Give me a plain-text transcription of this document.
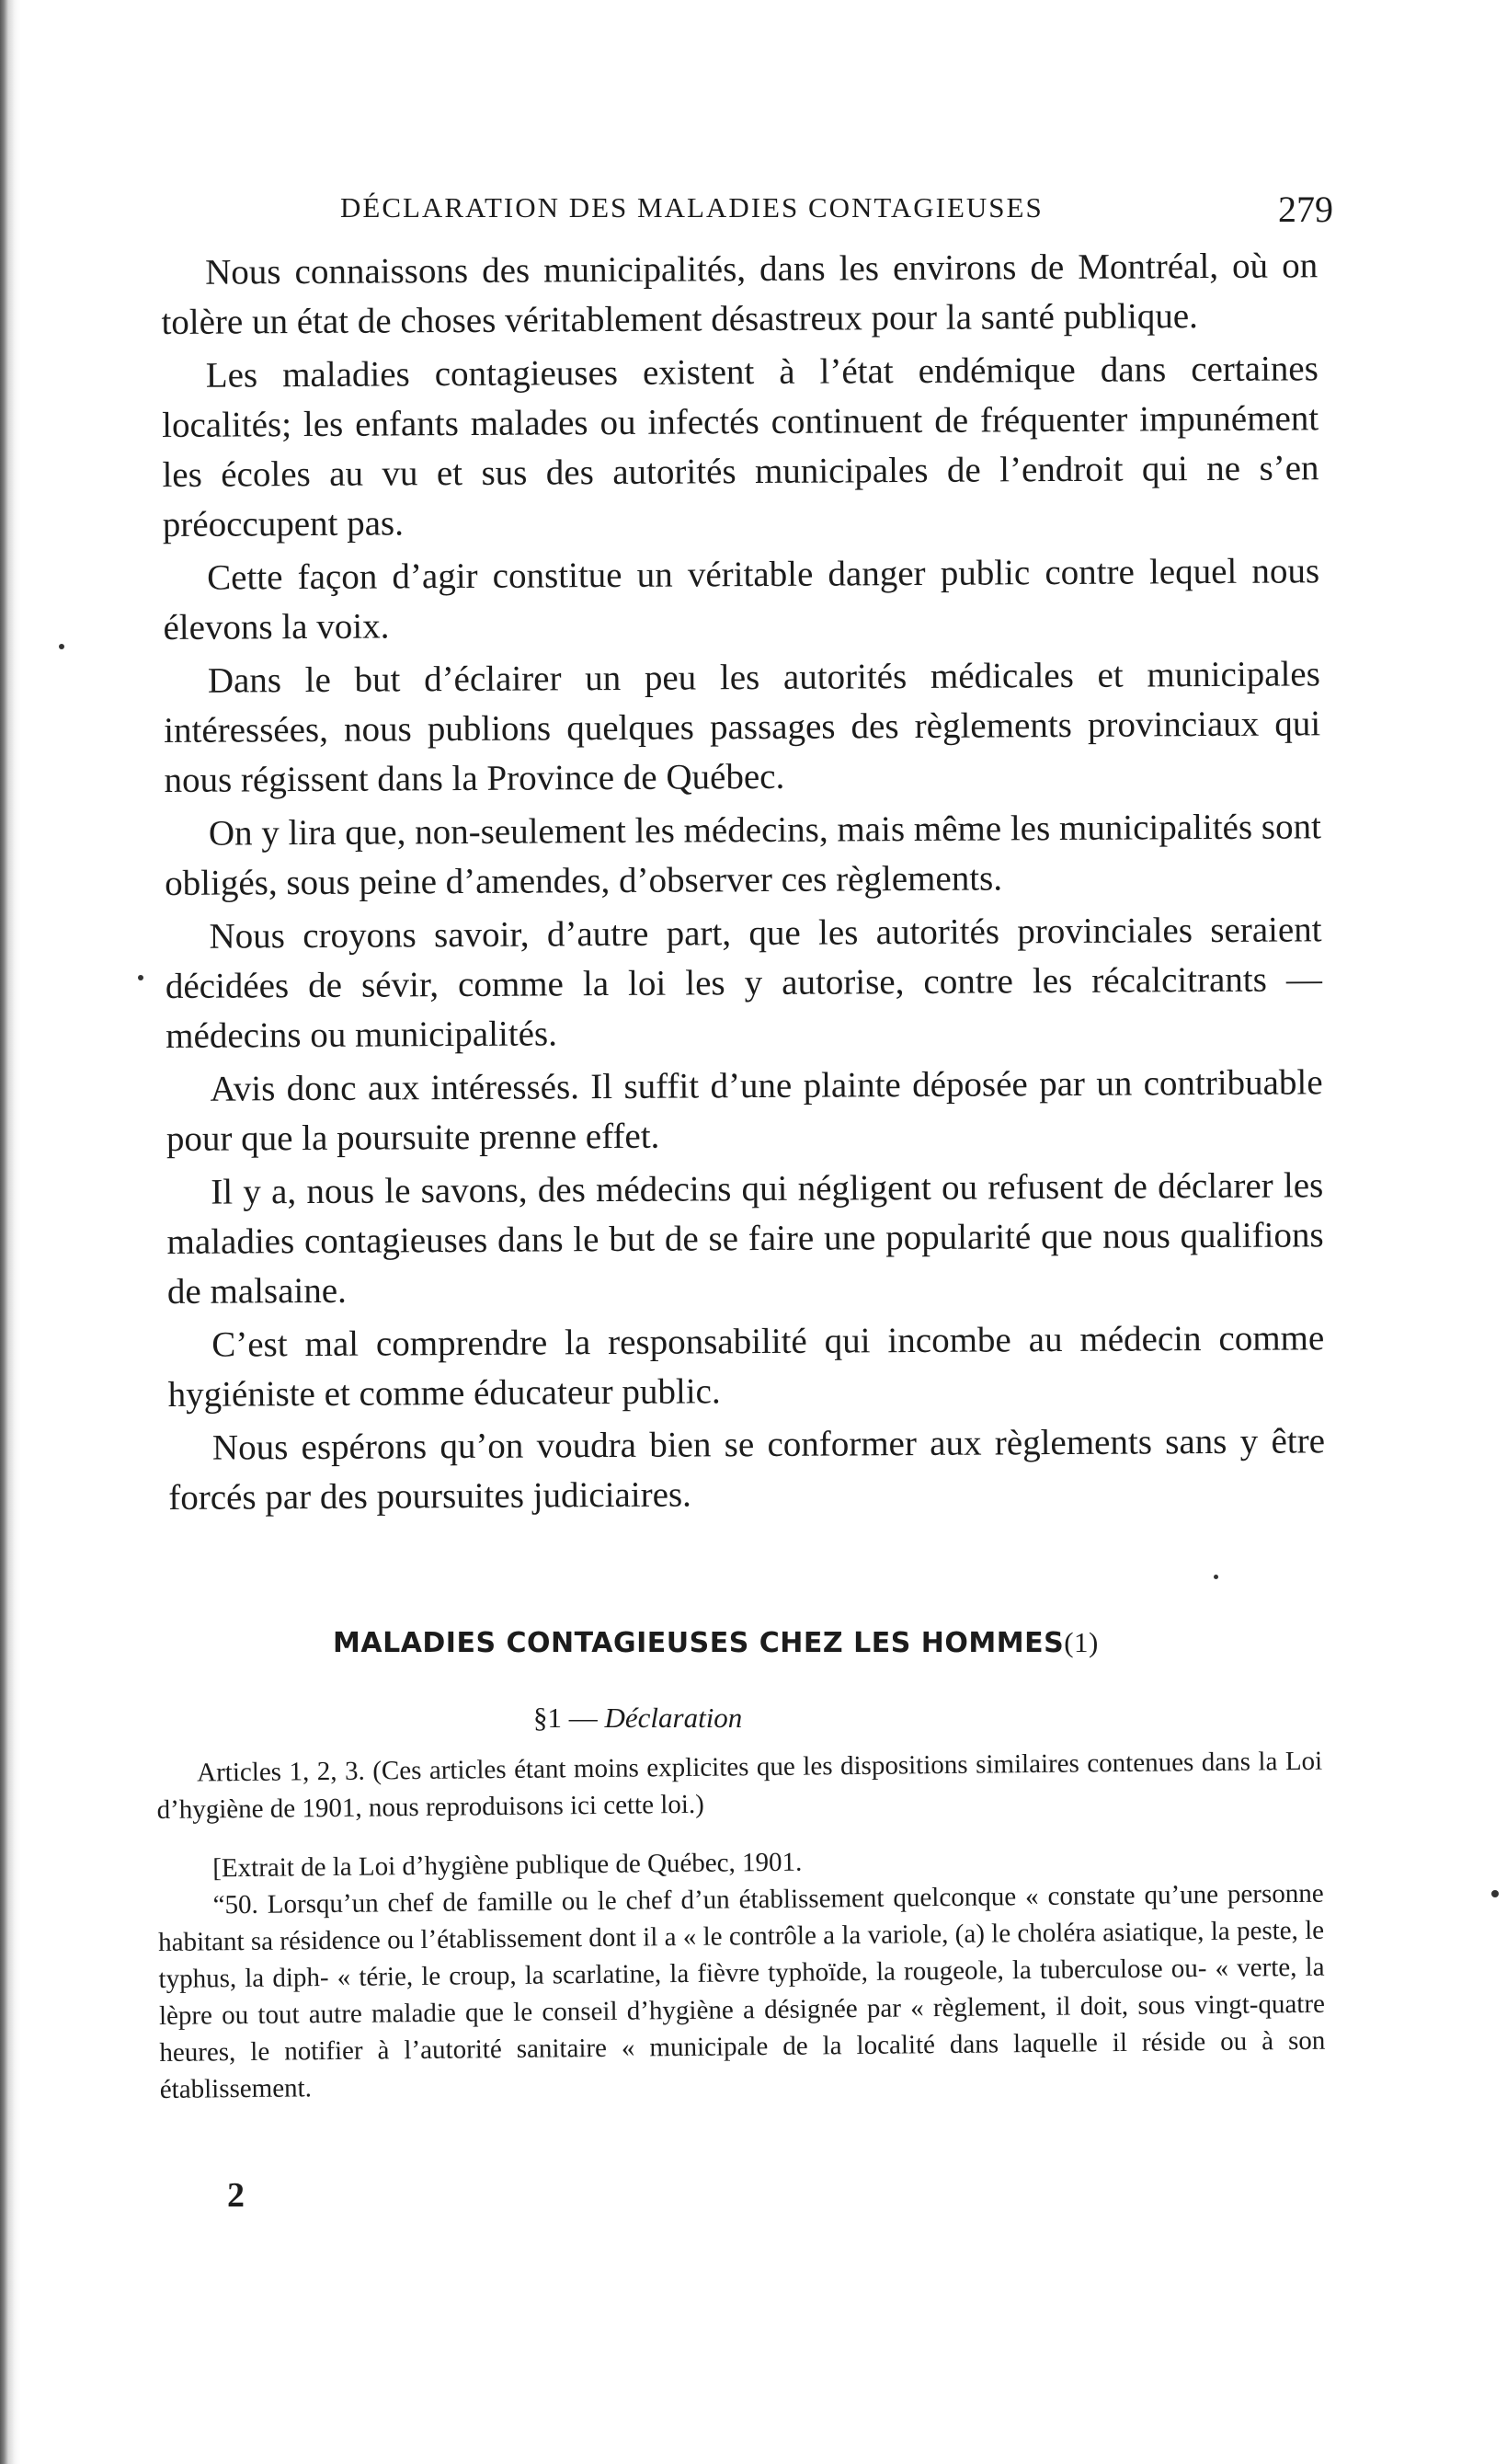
DÉCLARATION DES MALADIES CONTAGIEUSES	279

Nous connaissons des municipalités, dans les environs de Montréal, où on tolère un état de choses véritablement désastreux pour la santé publique.

Les maladies contagieuses existent à l’état endémique dans certaines localités; les enfants malades ou infectés continuent de fréquenter impunément les écoles au vu et sus des autorités municipales de l’endroit qui ne s’en préoccupent pas.

Cette façon d’agir constitue un véritable danger public contre lequel nous élevons la voix.

Dans le but d’éclairer un peu les autorités médicales et municipales intéressées, nous publions quelques passages des règlements provinciaux qui nous régissent dans la Province de Québec.

On y lira que, non-seulement les médecins, mais même les municipalités sont obligés, sous peine d’amendes, d’observer ces règlements.

Nous croyons savoir, d’autre part, que les autorités provinciales seraient décidées de sévir, comme la loi les y autorise, contre les récalcitrants — médecins ou municipalités.

Avis donc aux intéressés. Il suffit d’une plainte déposée par un contribuable pour que la poursuite prenne effet.

Il y a, nous le savons, des médecins qui négligent ou refusent de déclarer les maladies contagieuses dans le but de se faire une popularité que nous qualifions de malsaine.

C’est mal comprendre la responsabilité qui incombe au médecin comme hygiéniste et comme éducateur public.

Nous espérons qu’on voudra bien se conformer aux règlements sans y être forcés par des poursuites judiciaires.

MALADIES CONTAGIEUSES CHEZ LES HOMMES(1)
§1 — Déclaration

Articles 1, 2, 3. (Ces articles étant moins explicites que les dispositions similaires contenues dans la Loi d’hygiène de 1901, nous reproduisons ici cette loi.)

[Extrait de la Loi d’hygiène publique de Québec, 1901.

“50. Lorsqu’un chef de famille ou le chef d’un établissement quelconque « constate qu’une personne habitant sa résidence ou l’établissement dont il a « le contrôle a la variole, (a) le choléra asiatique, la peste, le typhus, la diph- « térie, le croup, la scarlatine, la fièvre typhoïde, la rougeole, la tuberculose ou- « verte, la lèpre ou tout autre maladie que le conseil d’hygiène a désignée par « règlement, il doit, sous vingt-quatre heures, le notifier à l’autorité sanitaire « municipale de la localité dans laquelle il réside ou à son établissement.

2
